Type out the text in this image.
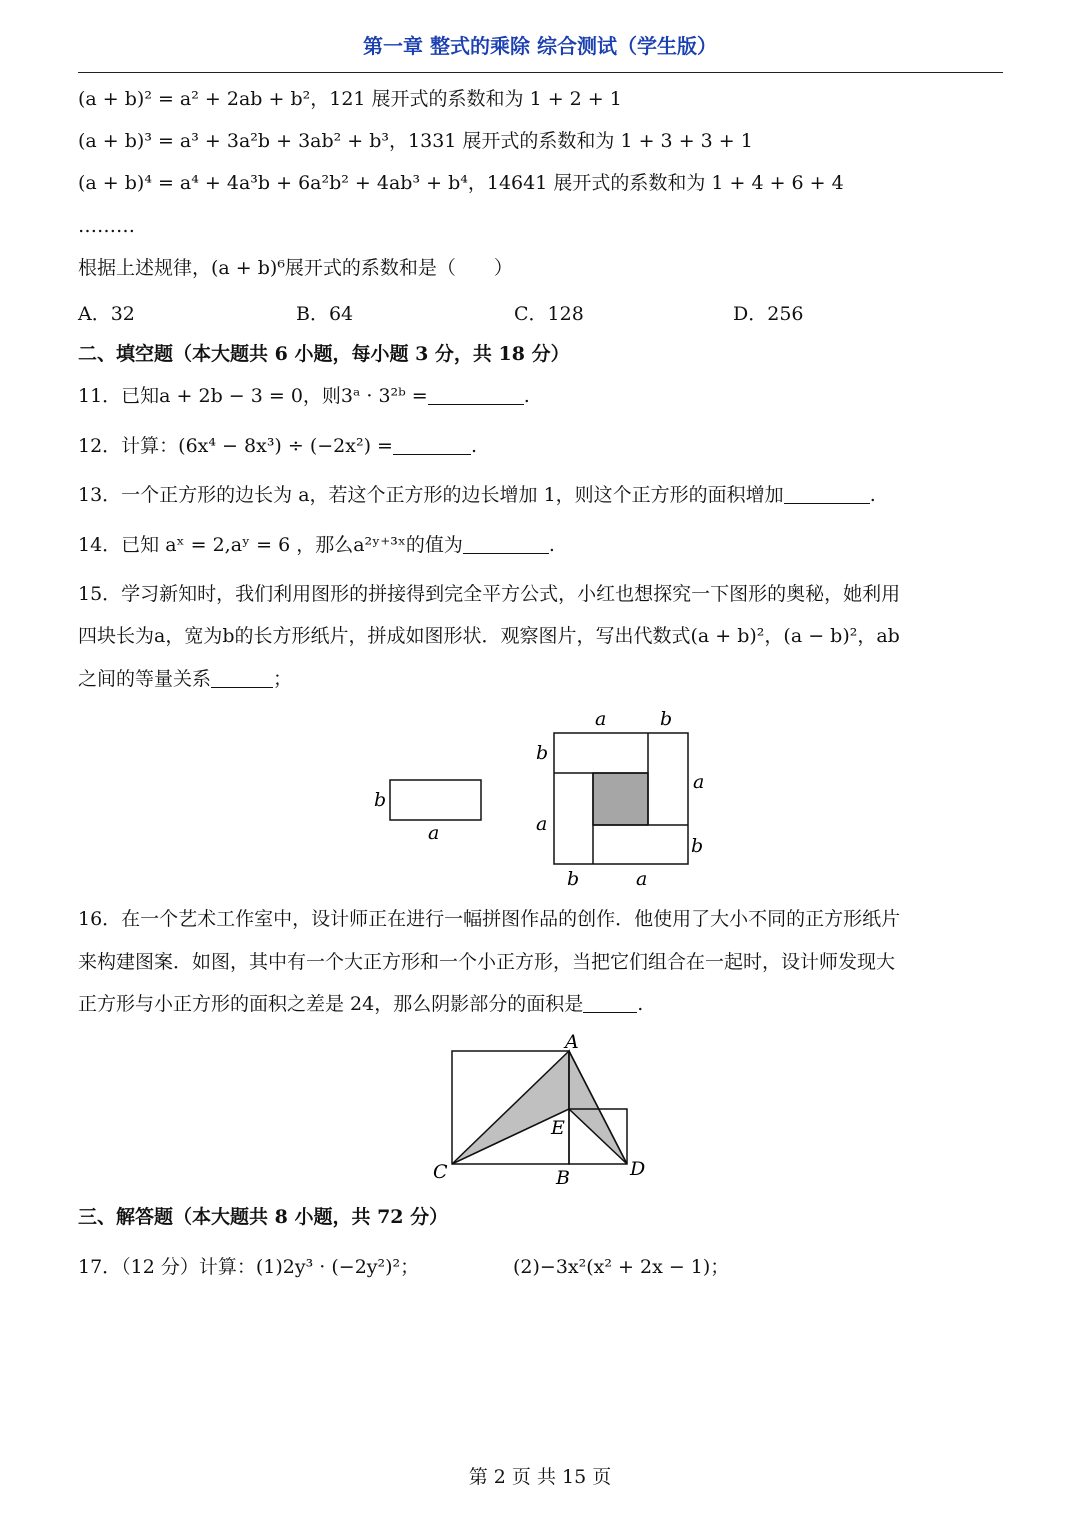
第一章 整式的乘除 综合测试（学生版）
(a + b)² = a² + 2ab + b²，121 展开式的系数和为 1 + 2 + 1
(a + b)³ = a³ + 3a²b + 3ab² + b³，1331 展开式的系数和为 1 + 3 + 3 + 1
(a + b)⁴ = a⁴ + 4a³b + 6a²b² + 4ab³ + b⁴，14641 展开式的系数和为 1 + 4 + 6 + 4
………
根据上述规律，(a + b)⁶展开式的系数和是（　　）
A．32	B．64	C．128	D．256
二、填空题（本大题共 6 小题，每小题 3 分，共 18 分）
11．已知a + 2b − 3 = 0，则3ᵃ · 3²ᵇ =	.
12．计算：(6x⁴ − 8x³) ÷ (−2x²) =	.
13．一个正方形的边长为 a，若这个正方形的边长增加 1，则这个正方形的面积增加	.
14．已知 aˣ = 2,aʸ = 6 ，那么a²ʸ⁺³ˣ的值为	.
15．学习新知时，我们利用图形的拼接得到完全平方公式，小红也想探究一下图形的奥秘，她利用
四块长为a，宽为b的长方形纸片，拼成如图形状．观察图片，写出代数式(a + b)²，(a − b)²，ab
之间的等量关系	；
b
a
a	b
b
a
a
b
b	a
16．在一个艺术工作室中，设计师正在进行一幅拼图作品的创作．他使用了大小不同的正方形纸片
来构建图案．如图，其中有一个大正方形和一个小正方形，当把它们组合在一起时，设计师发现大
正方形与小正方形的面积之差是 24，那么阴影部分的面积是	.
A
E
C	B	D
三、解答题（本大题共 8 小题，共 72 分）
17．（12 分）计算：(1)2y³ · (−2y²)²；	(2)−3x²(x² + 2x − 1)；
第 2 页 共 15 页
